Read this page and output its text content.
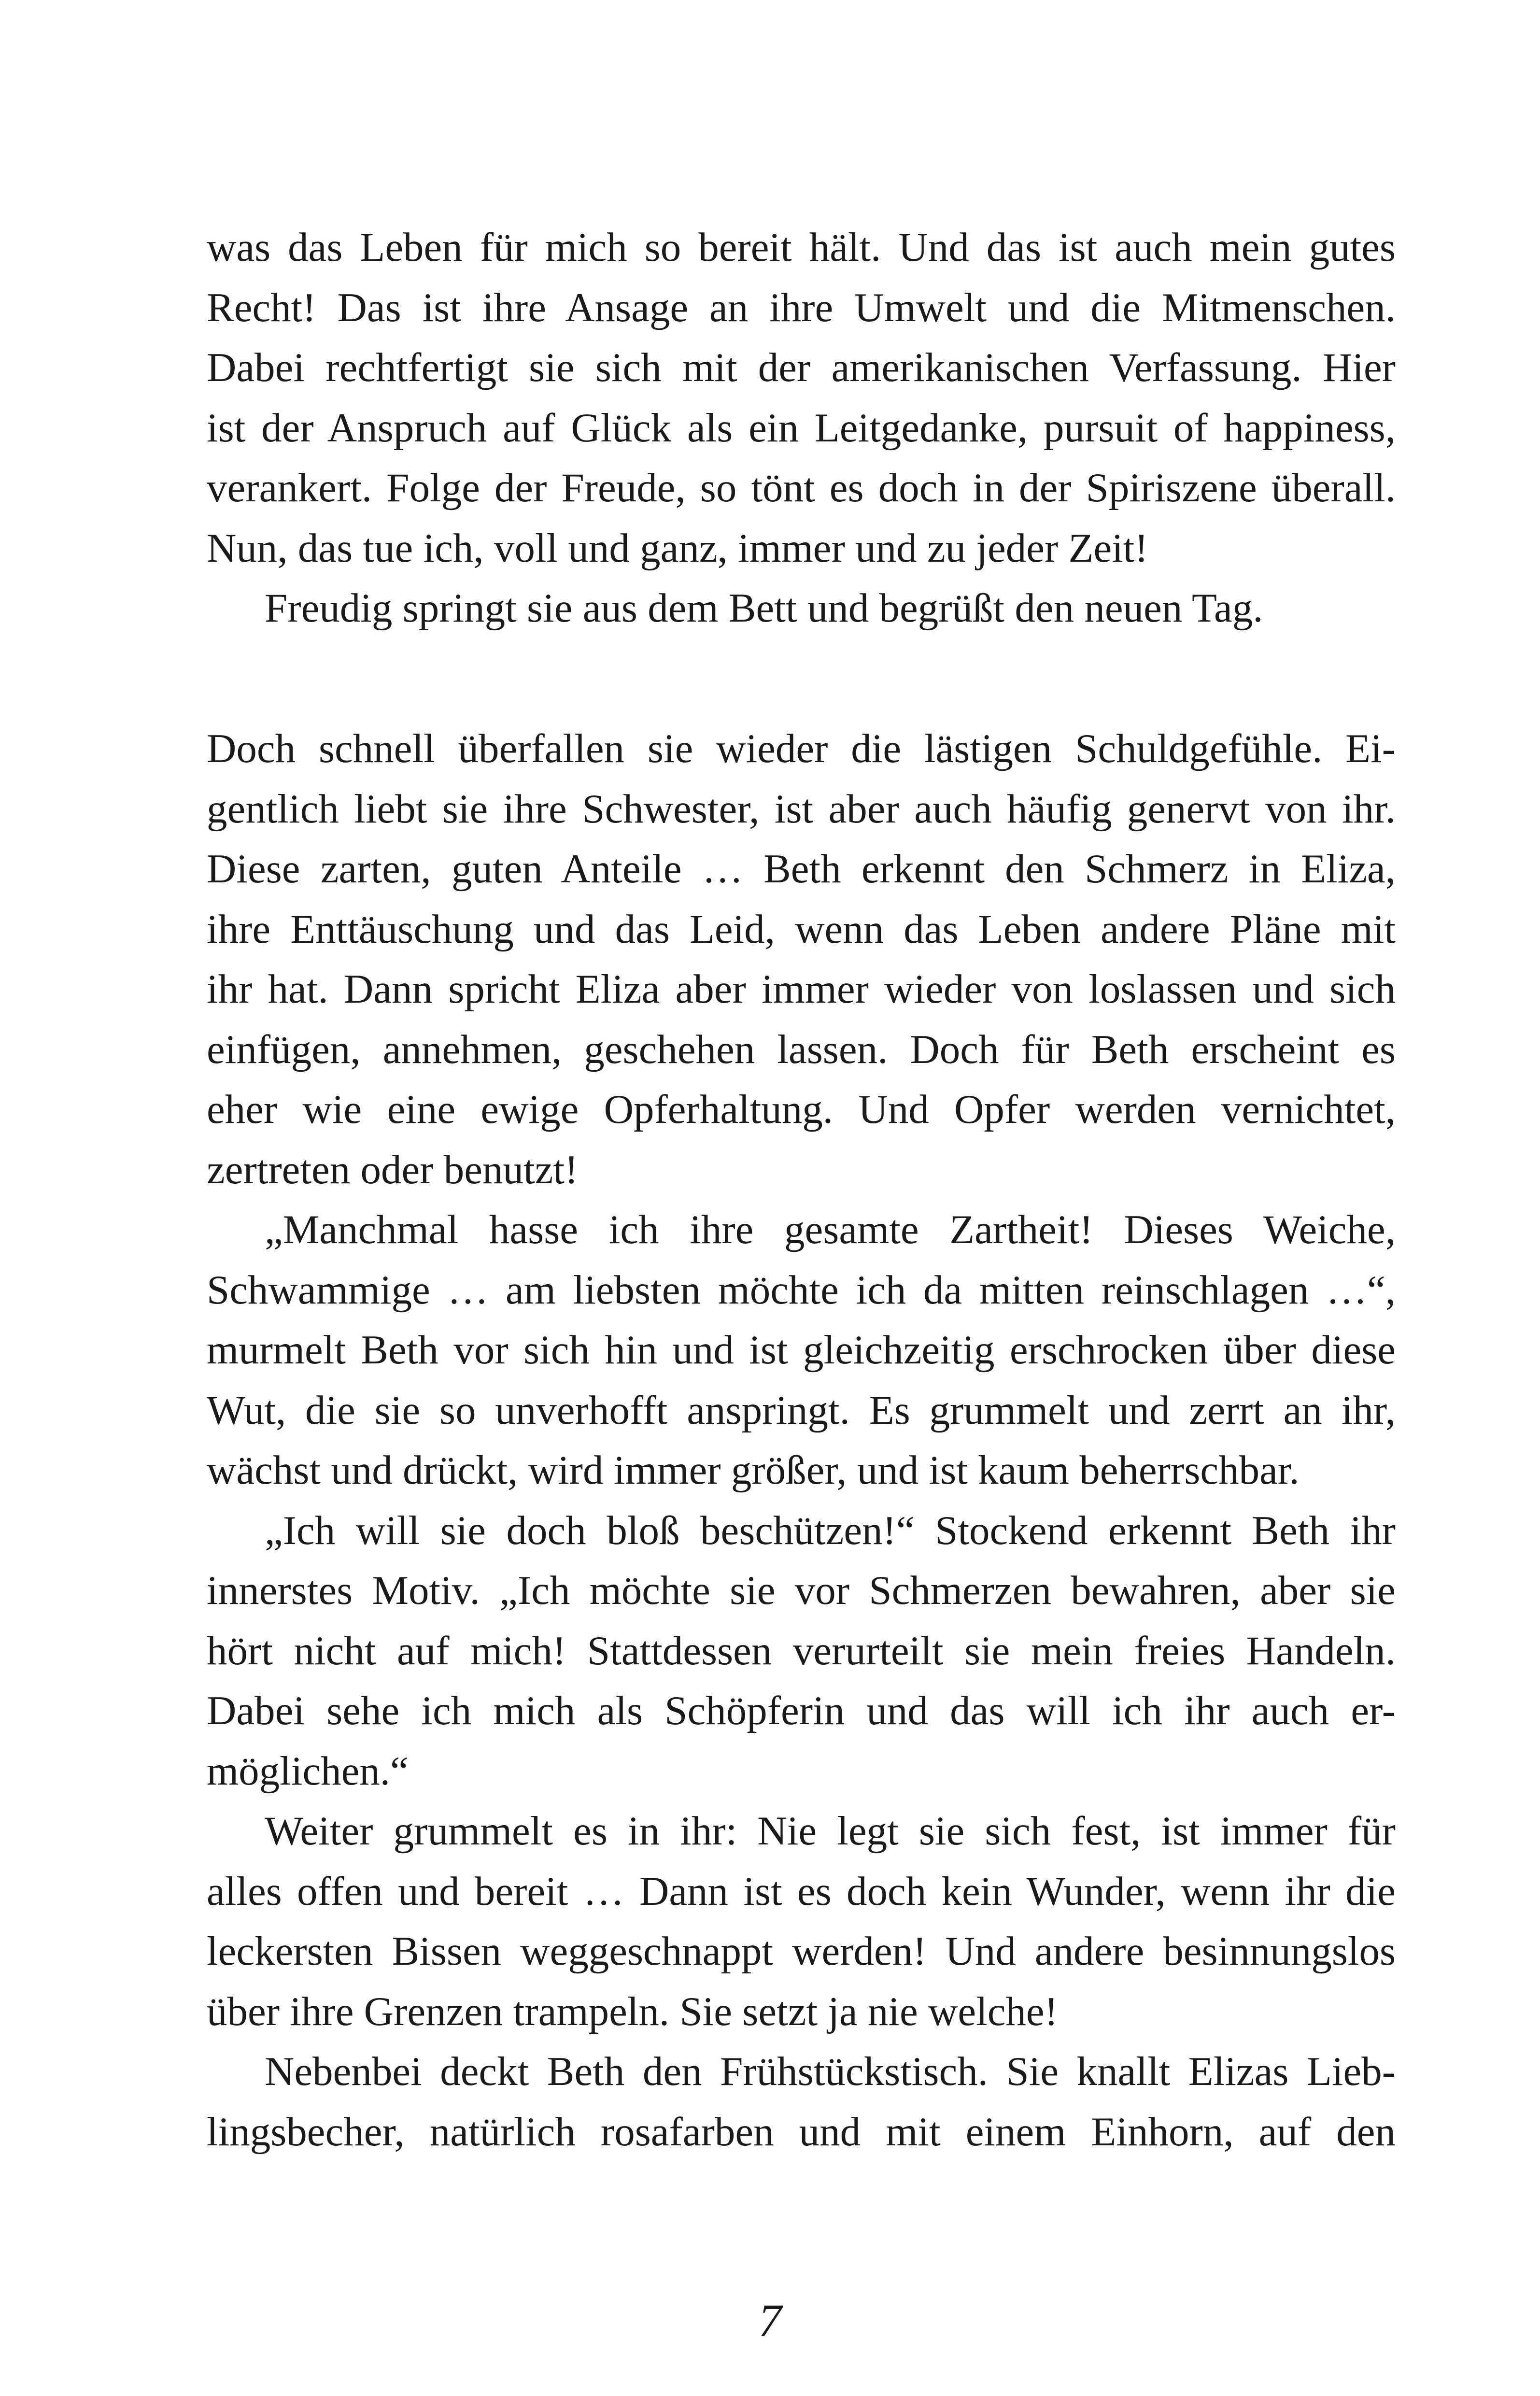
was das Leben für mich so bereit hält. Und das ist auch mein gutes
Recht! Das ist ihre Ansage an ihre Umwelt und die Mitmenschen.
Dabei rechtfertigt sie sich mit der amerikanischen Verfassung. Hier
ist der Anspruch auf Glück als ein Leitgedanke, pursuit of happiness,
verankert. Folge der Freude, so tönt es doch in der Spiriszene überall.
Nun, das tue ich, voll und ganz, immer und zu jeder Zeit!
Freudig springt sie aus dem Bett und begrüßt den neuen Tag.
Doch schnell überfallen sie wieder die lästigen Schuldgefühle. Ei-
gentlich liebt sie ihre Schwester, ist aber auch häufig genervt von ihr.
Diese zarten, guten Anteile … Beth erkennt den Schmerz in Eliza,
ihre Enttäuschung und das Leid, wenn das Leben andere Pläne mit
ihr hat. Dann spricht Eliza aber immer wieder von loslassen und sich
einfügen, annehmen, geschehen lassen. Doch für Beth erscheint es
eher wie eine ewige Opferhaltung. Und Opfer werden vernichtet,
zertreten oder benutzt!
„Manchmal hasse ich ihre gesamte Zartheit! Dieses Weiche,
Schwammige … am liebsten möchte ich da mitten reinschlagen …“,
murmelt Beth vor sich hin und ist gleichzeitig erschrocken über diese
Wut, die sie so unverhofft anspringt. Es grummelt und zerrt an ihr,
wächst und drückt, wird immer größer, und ist kaum beherrschbar.
„Ich will sie doch bloß beschützen!“ Stockend erkennt Beth ihr
innerstes Motiv. „Ich möchte sie vor Schmerzen bewahren, aber sie
hört nicht auf mich! Stattdessen verurteilt sie mein freies Handeln.
Dabei sehe ich mich als Schöpferin und das will ich ihr auch er-
möglichen.“
Weiter grummelt es in ihr: Nie legt sie sich fest, ist immer für
alles offen und bereit … Dann ist es doch kein Wunder, wenn ihr die
leckersten Bissen weggeschnappt werden! Und andere besinnungslos
über ihre Grenzen trampeln. Sie setzt ja nie welche!
Nebenbei deckt Beth den Frühstückstisch. Sie knallt Elizas Lieb-
lingsbecher, natürlich rosafarben und mit einem Einhorn, auf den
7
